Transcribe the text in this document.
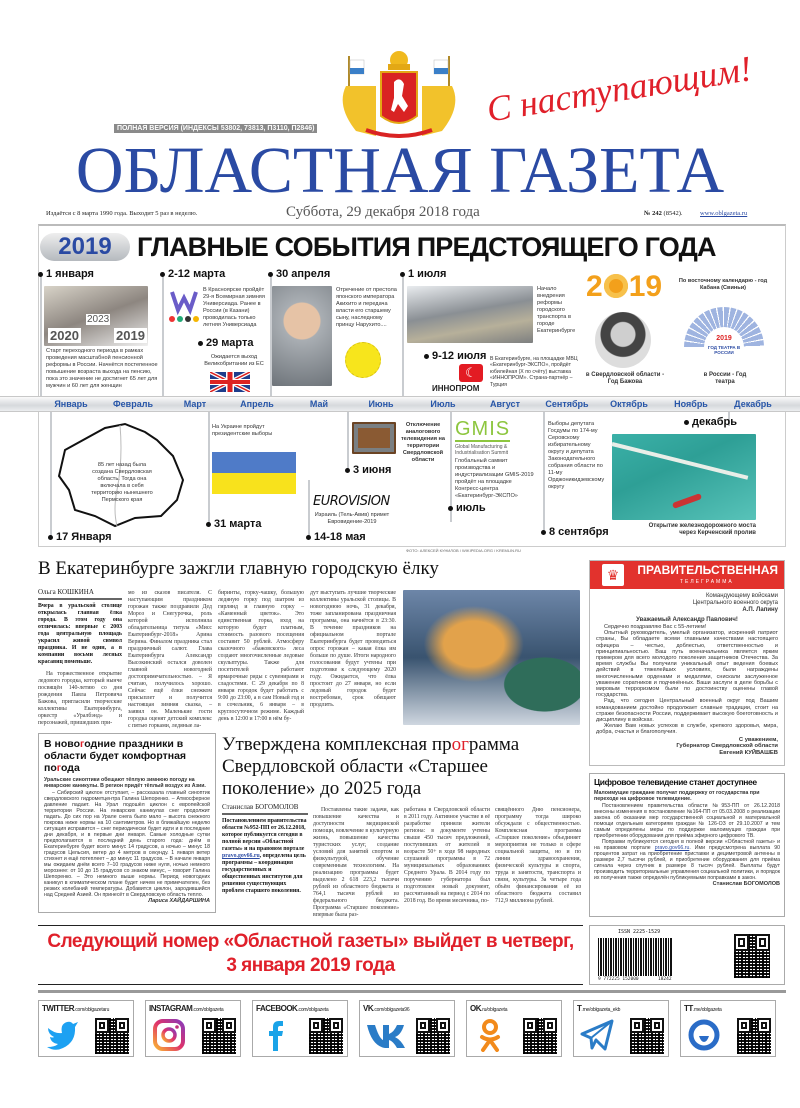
ПОЛНАЯ ВЕРСИЯ (ИНДЕКСЫ 53802, 73813, П3110, П2846)	С наступающим!
ОБЛАСТНАЯ ГАЗЕТА
Издаётся с 8 марта 1990 года. Выходит 5 раз в неделю.	Суббота, 29 декабря 2018 года	№ 242 (8542).	www.oblgazeta.ru
2019 ГЛАВНЫЕ СОБЫТИЯ ПРЕДСТОЯЩЕГО ГОДА
Январь	Февраль	Март	Апрель	Май	Июнь	Июль	Август	Сентябрь	Октябрь	Ноябрь	Декабрь
1 января
2020
2023
2019
Старт переходного периода в рамках проведения масштабной пенсионной реформы в России. Начнётся постепенное повышение возраста выхода на пенсию, пока это значение не достигнет 65 лет для мужчин и 60 лет для женщин
2-12 марта
В Красноярске пройдёт 29-я Всемирная зимняя Универсиада. Ранее в России (в Казани) проводилась только летняя Универсиада
29 марта
Ожидается выход Великобритании из ЕС
30 апреля
Отречение от престола японского императора Акихито и передача власти его старшему сыну, наследному принцу Нарухито....
1 июля
Начало внедрения реформы городского транспорта в городе Екатеринбурге
9-12 июля
☾
ИННОПРОМ
В Екатеринбурге, на площадке МВЦ «Екатеринбург-ЭКСПО», пройдёт юбилейная (X по счёту) выставка «ИННОПРОМ». Страна-партнёр – Турция
2 19	По восточному календарю - год Кабана (Свиньи)
в Свердловской области - Год Бажова
2019
ГОД ТЕАТРА В РОССИИ
в России - Год театра
85 лет назад была создана Свердловская область. Тогда она включала в себя территорию нынешнего Пермского края
17 Января
На Украине пройдут президентские выборы
31 марта
EUROVISION
Израиль (Тель-Авив) примет Евровидение-2019
14-18 мая
Отключение аналогового телевидения на территории Свердловской области
3 июня
GMIS
Global Manufacturing & Industrialisation Summit
Глобальный саммит производства и индустриализации GMIS-2019 пройдёт на площадке Конгресс-центра «Екатеринбург-ЭКСПО»
июль
Выборы депутата Госдумы по 174-му Серовскому избирательному округу и депутата Законодательного собрания области по 11-му Орджоникидзевскому округу
8 сентября
декабрь
Открытие железнодорожного моста через Керченский пролив
ФОТО: АЛЕКСЕЙ КУНИЛОВ / WIKIPEDIA.ORG / KREMLIN.RU
В Екатеринбурге зажгли главную городскую ёлку
Ольга КОШКИНА
Вчера в уральской столице открылась главная ёлка города. В этом году она отличилась: впервые с 2003 года центральную площадь украсил живой символ праздника. И не один, а в компании восьми лесных красавиц поменьше.
На торжественное открытие ледового городка, который нынче посвящён 140-летию со дня рождения Павла Петровича Бажова, пригласили творческие коллективы Екатеринбурга, оркестр «Уралбэнд» и персонажей, пришедших при-
мо из сказов писателя. С наступающим праздником горожан также поздравили Дед Мороз и Снегурочка, роль которой исполнила обладательница титула «Мисс Екатеринбург-2018» Арина Верина. Финалом праздника стал праздничный салют. Глава Екатеринбурга Александр Высокинский остался доволен главной новогодней достопримечательностью. – Я считаю, получилось хорошо. Сейчас ещё ёлки снежком присыплет и получится настоящая зимняя сказка, – заявил он. Маленькие гости городка оценят детский комплекс с пятью горками, ледяные ла-
биринты, горку-чашку, большую ледяную горку под шатром из гирлянд и главную горку – «Каменный цветок». Это единственная горка, вход на которую будет платным, стоимость разового посещения составит 50 рублей. Атмосферу сказочного «бажовского» леса создают многочисленные ледовые скульптуры. Также для посетителей работают ярмарочные ряды с сувенирами и сладостями. С 29 декабря по 8 января городок будет работать с 9:00 до 23:00, а в сам Новый год и в сочельник, 6 января – в круглосуточном режиме. Каждый день в 12:00 и 17:00 в нём бу-
дут выступать лучшие творческие коллективы уральской столицы. В новогоднюю ночь, 31 декабря, тоже запланирована праздничная программа, она начнётся в 23:30. В течение праздников на официальном портале Екатеринбурга будет проводиться опрос горожан – какая ёлка им больше по душе. Итоги народного голосования будут учтены при подготовке к следующему 2020 году. Ожидается, что ёлка простоит до 27 января, но если ледовый городок будет востребован, срок обещают продлить.
♛	ПРАВИТЕЛЬСТВЕННАЯ
ТЕЛЕГРАММА
Командующему войсками
Центрального военного округа
А.П. Лапину
Уважаемый Александр Павлович!
Сердечно поздравляю Вас с 55-летием!
Опытный руководитель, умелый организатор, искренний патриот страны, Вы обладаете всеми главными качествами настоящего офицера – честью, доблестью, ответственностью и принципиальностью. Ваш путь военачальника является ярким примером для всего молодого поколения защитников Отечества. За время службы Вы получили уникальный опыт ведения боевых действий в тяжелейших условиях, были награждены многочисленными орденами и медалями, снискали заслуженное уважение соратников и подчинённых. Ваши заслуги в деле борьбы с мировым терроризмом были по достоинству оценены главой государства.
Рад, что сегодня Центральный военный округ под Вашим командованием достойно продолжает славные традиции, стоит на страже безопасности России, поддерживает высокую боеготовность и дисциплину в войсках.
Желаю Вам новых успехов в службе, крепкого здоровья, мира, добра, счастья и благополучия.
С уважением,
Губернатор Свердловской области
Евгений КУЙВАШЕВ
В новогодние праздники в области будет комфортная погода
Уральские синоптики обещают тёплую зимнюю погоду на январские каникулы. В регион придёт тёплый воздух из Азии.
– Сибирский циклон отступает, – рассказала главный синоптик свердловского гидрометцентра Галина Шепоренко. – Атмосферное давление падает. На Урал подошёл циклон с европейской территории России. На январских каникулах снег продолжит падать. До сих пор на Урале снега было мало – высота снежного покрова ниже нормы на 10 сантиметров. Но в ближайшую неделю ситуация исправится – снег периодически будет идти и в последние дни декабря, и в первые дни января. Самые холодные сутки предполагаются в последний день старого года: днём в Екатеринбурге будет всего минус 14 градусов, а ночью – минус 18 градусов Цельсия, ветер до 4 метров в секунду. 1 января ветер стихнет и ещё потеплеет – до минус 11 градусов. – В начале января мы ожидаем днём всего 7–10 градусов ниже нуля, ночью немного морознее: от 10 до 15 градусов со знаком минус, – говорит Галина Шепоренко. – Это немного выше нормы. Период новогодних каникул в климатическом плане будет ничем не примечателен, без резких колебаний температуры. Добавится циклон, зародившийся над Средней Азией. Он принесёт в Свердловскую область тепло.
Лариса ХАЙДАРШИНА
Утверждена комплексная программа Свердловской области «Старшее поколение» до 2025 года
Станислав БОГОМОЛОВ
Постановлением правительства области №952-ПП от 26.12.2018, которое публикуется сегодня в полной версии «Областной газеты» и на правовом портале pravo.gov66.ru, определена цель программы – координация государственных и общественных институтов для решения существующих проблем старшего поколения.
Поставлены такие задачи, как повышение качества и доступности медицинской помощи, вовлечение в культурную жизнь, повышение качества туристских услуг, создание условий для занятий спортом и физкультурой, обучение современным технологиям. На реализацию программы будет выделено 2 618 223,2 тысячи рублей из областного бюджета и 764,1 тысячи рублей из федерального бюджета. Программа «Старшее поколение» впервые была раз-
работана в Свердловской области в 2011 году. Активное участие в её разработке приняли жители региона: в документе учтены свыше 450 тысяч предложений, поступивших от жителей в возрасте 50+ в ходе 98 народных слушаний программы в 72 муниципальных образованиях Среднего Урала. В 2014 году по поручению губернатора был подготовлен новый документ, рассчитанный на период с 2014 по 2018 год. Во время месячника, по-
свящённого Дню пенсионера, программу тогда широко обсуждали с общественностью. Комплексная программа «Старшее поколение» объединяет мероприятия не только в сфере социальной защиты, но и по линии здравоохранения, физической культуры и спорта, труда и занятости, транспорта и связи, культуры. За четыре года объём финансирования её из областного бюджета составил 712,9 миллиона рублей.
Цифровое телевидение станет доступнее
Малоимущие граждане получат поддержку от государства при переходе на цифровое телевидение.
Постановлением правительства области №953-ПП от 26.12.2018 внесены изменения в постановление №164-ПП от 05.03.2008 о реализации закона об оказании мер государственной социальной и материальной помощи отдельным категориям граждан № 126-ОЗ от 29.10.2007 и тем самым определены меры по поддержке малоимущих граждан при приобретении оборудования для приёма эфирного цифрового ТВ.
Поправки публикуются сегодня в полной версии «Областной газеты» и на правовом портале pravo.gov66.ru. Ими предусмотрена выплата 90 процентов затрат на приобретение приставки и дециметровой антенны в размере 2,7 тысячи рублей, и приобретение оборудования для приёма сигнала через спутник в размере 8 тысяч рублей. Выплаты будут производить территориальные управления социальной политики, и порядок их получения также определён публикуемыми поправками в закон.
Станислав БОГОМОЛОВ
Следующий номер «Областной газеты» выйдет в четверг,
3 января 2019 года
ISSN 2225-1529
9 772225 152000	18242
TWITTER.com/oblgazetaru	INSTAGRAM.com/oblgazeta	FACEBOOK.com/oblgazeta	VK.com/oblgazeta96	OK.ru/oblgazeta	T.me/oblgazeta_ekb	TT.me/oblgazeta
